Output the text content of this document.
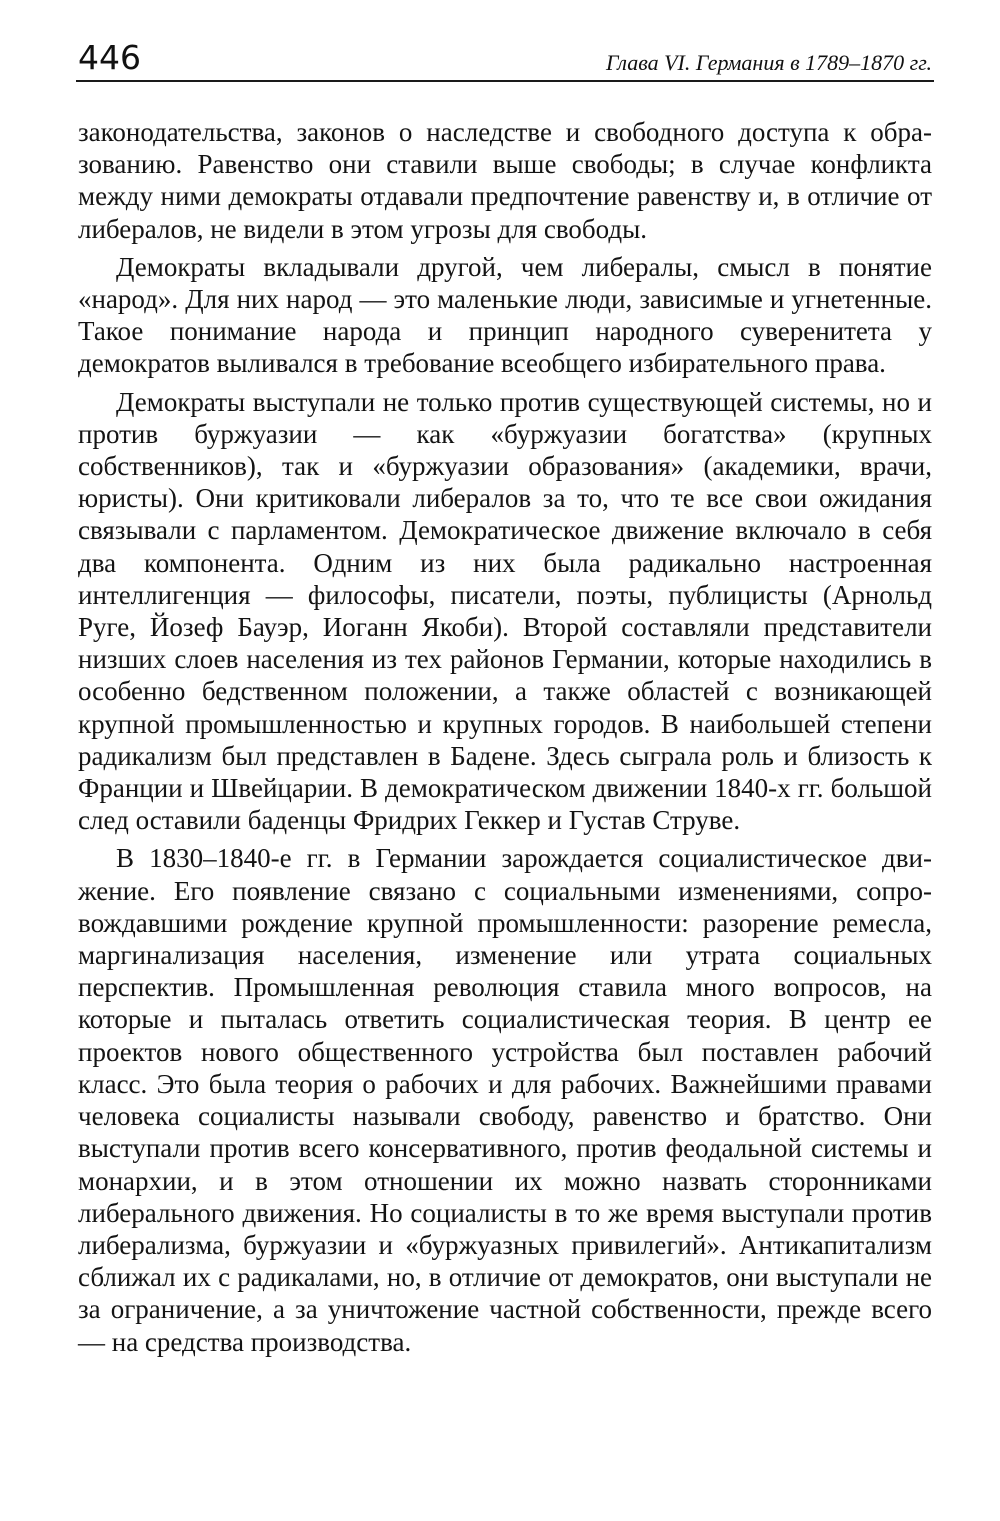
446	Глава VI. Германия в 1789–1870 гг.

законодательства, законов о наследстве и свободного доступа к образованию. Равенство они ставили выше свободы; в случае конфликта между ними демократы отдавали предпочтение равенству и, в отличие от либералов, не видели в этом угрозы для свободы.

Демократы вкладывали другой, чем либералы, смысл в понятие «народ». Для них народ — это маленькие люди, зависимые и угнетенные. Такое понимание народа и принцип народного суверенитета у демократов выливался в требование всеобщего избирательного права.

Демократы выступали не только против существующей системы, но и против буржуазии — как «буржуазии богатства» (крупных собственников), так и «буржуазии образования» (академики, врачи, юристы). Они критиковали либералов за то, что те все свои ожидания связывали с парламентом. Демократическое движение включало в себя два компонента. Одним из них была радикально настроенная интеллигенция — философы, писатели, поэты, публицисты (Арнольд Руге, Йозеф Бауэр, Иоганн Якоби). Второй составляли представители низших слоев населения из тех районов Германии, которые находились в особенно бедственном положении, а также областей с возникающей крупной промышленностью и крупных городов. В наибольшей степени радикализм был представлен в Бадене. Здесь сыграла роль и близость к Франции и Швейцарии. В демократическом движении 1840-х гг. большой след оставили баденцы Фридрих Геккер и Густав Струве.

В 1830–1840-е гг. в Германии зарождается социалистическое движение. Его появление связано с социальными изменениями, сопровождавшими рождение крупной промышленности: разорение ремесла, маргинализация населения, изменение или утрата социальных перспектив. Промышленная революция ставила много вопросов, на которые и пыталась ответить социалистическая теория. В центр ее проектов нового общественного устройства был поставлен рабочий класс. Это была теория о рабочих и для рабочих. Важнейшими правами человека социалисты называли свободу, равенство и братство. Они выступали против всего консервативного, против феодальной системы и монархии, и в этом отношении их можно назвать сторонниками либерального движения. Но социалисты в то же время выступали против либерализма, буржуазии и «буржуазных привилегий». Антикапитализм сближал их с радикалами, но, в отличие от демократов, они выступали не за ограничение, а за уничтожение частной собственности, прежде всего — на средства производства.
